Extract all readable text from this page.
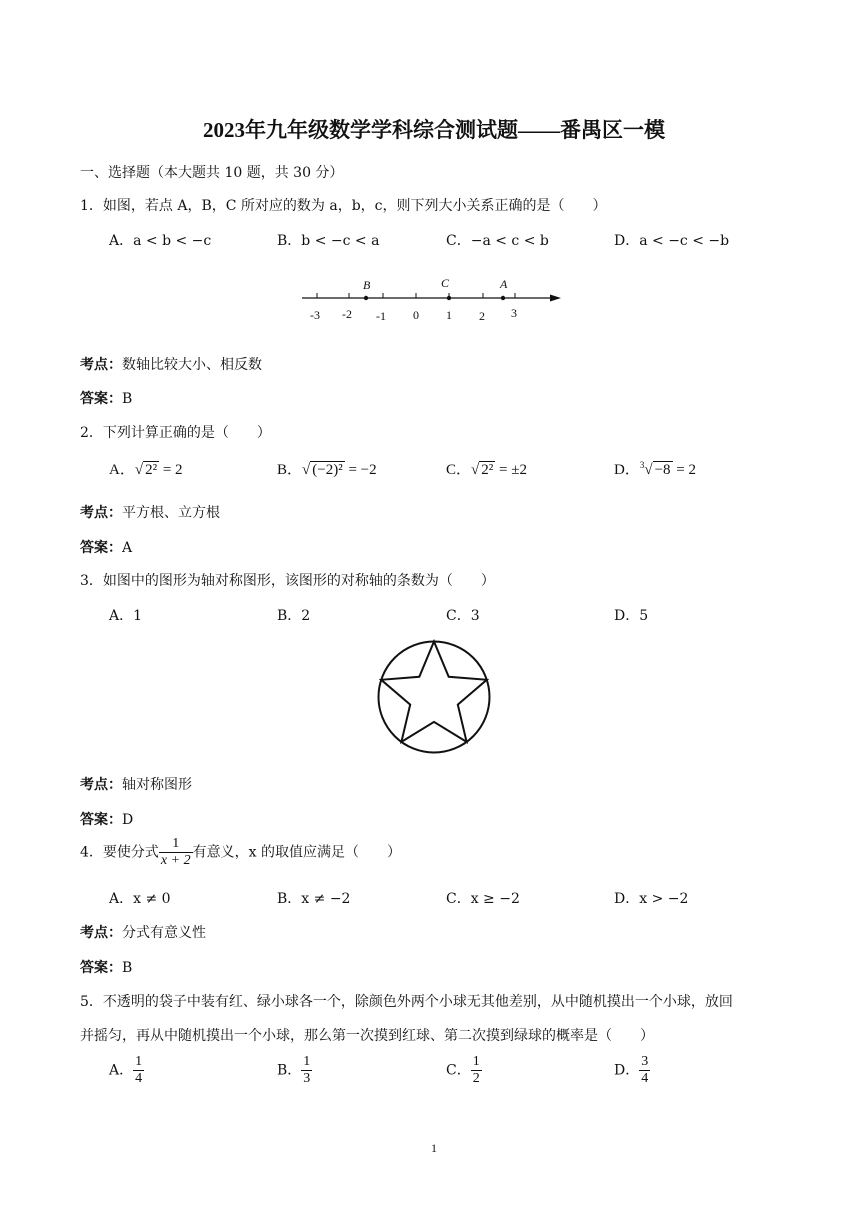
2023年九年级数学学科综合测试题——番禺区一模
一、选择题（本大题共 10 题，共 30 分）
1．如图，若点 A，B，C 所对应的数为 a，b，c，则下列大小关系正确的是（　　）
A．a < b < −c	B．b < −c < a	C．−a < c < b	D．a < −c < −b
B	C	A
-3 -2 -1 0 1 2 3
考点：数轴比较大小、相反数
答案：B
2．下列计算正确的是（　　）
A．√ 2² = 2	B．√ (−2)² = −2	C．√ 2² = ±2	D．$^3$√ −8 = 2
考点：平方根、立方根
答案：A
3．如图中的图形为轴对称图形，该图形的对称轴的条数为（　　）
A．1	B．2	C．3	D．5
考点：轴对称图形
答案：D
4．要使分式 $\frac{1}{x + 2}$ 有意义，x 的取值应满足（　　）
A．x ≠ 0	B．x ≠ −2	C．x ≥ −2	D．x > −2
考点：分式有意义性
答案：B
5．不透明的袋子中装有红、绿小球各一个，除颜色外两个小球无其他差别，从中随机摸出一个小球，放回
并摇匀，再从中随机摸出一个小球，那么第一次摸到红球、第二次摸到绿球的概率是（　　）
A． $\frac{1}{4}$	B． $\frac{1}{3}$	C． $\frac{1}{2}$	D． $\frac{3}{4}$
1
